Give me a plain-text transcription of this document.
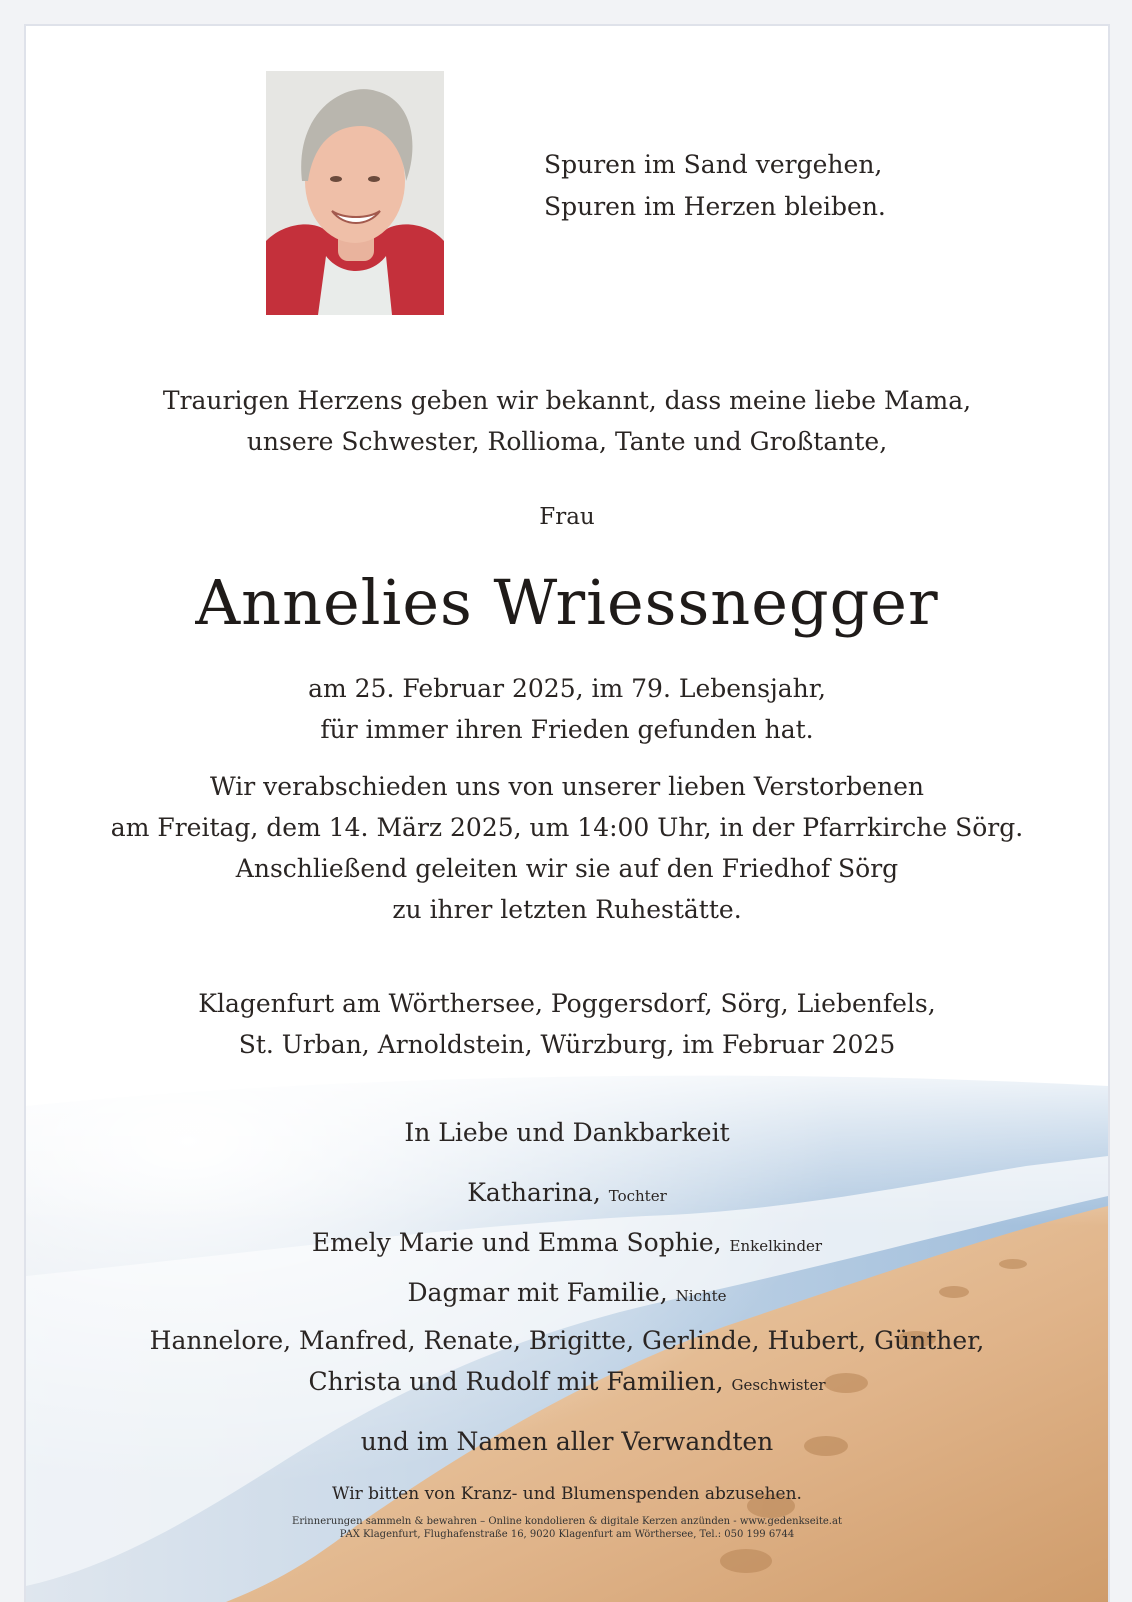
Spuren im Sand vergehen,
Spuren im Herzen bleiben.
Traurigen Herzens geben wir bekannt, dass meine liebe Mama,
unsere Schwester, Rollioma, Tante und Großtante,
Frau
Annelies Wriessnegger
am 25. Februar 2025, im 79. Lebensjahr,
für immer ihren Frieden gefunden hat.
Wir verabschieden uns von unserer lieben Verstorbenen
am Freitag, dem 14. März 2025, um 14:00 Uhr, in der Pfarrkirche Sörg.
Anschließend geleiten wir sie auf den Friedhof Sörg
zu ihrer letzten Ruhestätte.
Klagenfurt am Wörthersee, Poggersdorf, Sörg, Liebenfels,
St. Urban, Arnoldstein, Würzburg, im Februar 2025
In Liebe und Dankbarkeit
Katharina, Tochter
Emely Marie und Emma Sophie, Enkelkinder
Dagmar mit Familie, Nichte
Hannelore, Manfred, Renate, Brigitte, Gerlinde, Hubert, Günther,
Christa und Rudolf mit Familien, Geschwister
und im Namen aller Verwandten
Wir bitten von Kranz- und Blumenspenden abzusehen.
Erinnerungen sammeln & bewahren – Online kondolieren & digitale Kerzen anzünden - www.gedenkseite.at
PAX Klagenfurt, Flughafenstraße 16, 9020 Klagenfurt am Wörthersee, Tel.: 050 199 6744
